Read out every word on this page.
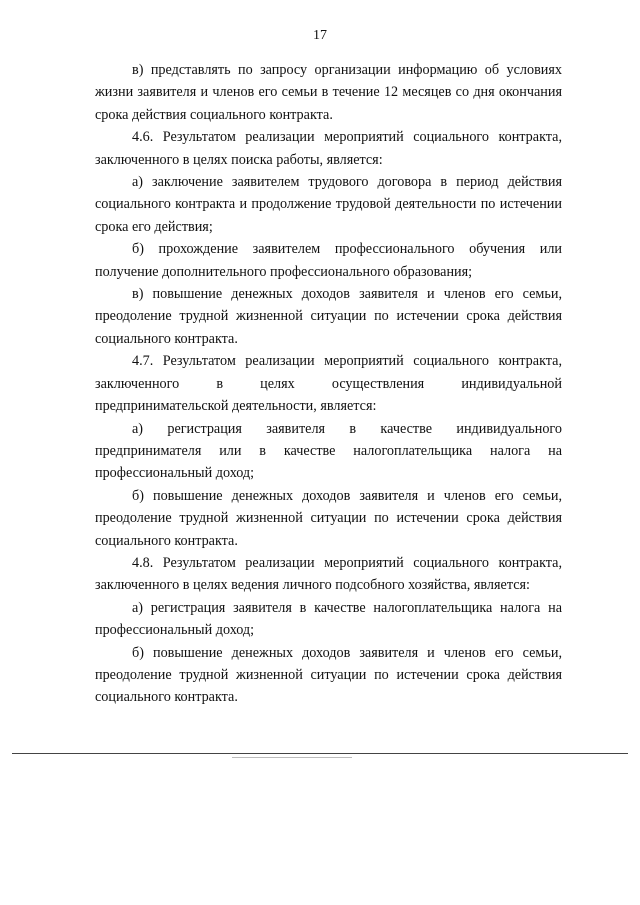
17

в) представлять по запросу организации информацию об условиях жизни заявителя и членов его семьи в течение 12 месяцев со дня окончания срока действия социального контракта.

4.6. Результатом реализации мероприятий социального контракта, заключенного в целях поиска работы, является:

а) заключение заявителем трудового договора в период действия социального контракта и продолжение трудовой деятельности по истечении срока его действия;

б) прохождение заявителем профессионального обучения или получение дополнительного профессионального образования;

в) повышение денежных доходов заявителя и членов его семьи, преодоление трудной жизненной ситуации по истечении срока действия социального контракта.

4.7. Результатом реализации мероприятий социального контракта, заключенного в целях осуществления индивидуальной предпринимательской деятельности, является:

а) регистрация заявителя в качестве индивидуального предпринимателя или в качестве налогоплательщика налога на профессиональный доход;

б) повышение денежных доходов заявителя и членов его семьи, преодоление трудной жизненной ситуации по истечении срока действия социального контракта.

4.8. Результатом реализации мероприятий социального контракта, заключенного в целях ведения личного подсобного хозяйства, является:

а) регистрация заявителя в качестве налогоплательщика налога на профессиональный доход;

б) повышение денежных доходов заявителя и членов его семьи, преодоление трудной жизненной ситуации по истечении срока действия социального контракта.
